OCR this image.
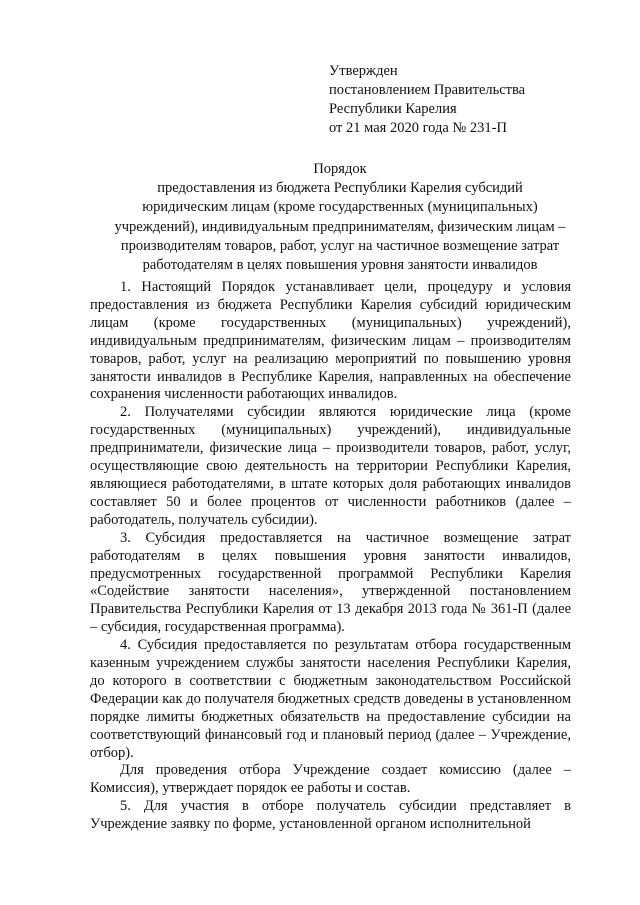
Утвержден
постановлением Правительства
Республики Карелия
от 21 мая 2020 года № 231-П
Порядок
предоставления из бюджета Республики Карелия субсидий
юридическим лицам (кроме государственных (муниципальных)
учреждений), индивидуальным предпринимателям, физическим лицам –
производителям товаров, работ, услуг на частичное возмещение затрат
работодателям в целях повышения уровня занятости инвалидов

1. Настоящий Порядок устанавливает цели, процедуру и условия предоставления из бюджета Республики Карелия субсидий юридическим лицам (кроме государственных (муниципальных) учреждений), индивидуальным предпринимателям, физическим лицам – производителям товаров, работ, услуг на реализацию мероприятий по повышению уровня занятости инвалидов в Республике Карелия, направленных на обеспечение сохранения численности работающих инвалидов.

2. Получателями субсидии являются юридические лица (кроме государственных (муниципальных) учреждений), индивидуальные предприниматели, физические лица – производители товаров, работ, услуг, осуществляющие свою деятельность на территории Республики Карелия, являющиеся работодателями, в штате которых доля работающих инвалидов составляет 50 и более процентов от численности работников (далее – работодатель, получатель субсидии).

3. Субсидия предоставляется на частичное возмещение затрат работодателям в целях повышения уровня занятости инвалидов, предусмотренных государственной программой Республики Карелия «Содействие занятости населения», утвержденной постановлением Правительства Республики Карелия от 13 декабря 2013 года № 361-П (далее – субсидия, государственная программа).

4. Субсидия предоставляется по результатам отбора государственным казенным учреждением службы занятости населения Республики Карелия, до которого в соответствии с бюджетным законодательством Российской Федерации как до получателя бюджетных средств доведены в установленном порядке лимиты бюджетных обязательств на предоставление субсидии на соответствующий финансовый год и плановый период (далее – Учреждение, отбор).

Для проведения отбора Учреждение создает комиссию (далее – Комиссия), утверждает порядок ее работы и состав.

5. Для участия в отборе получатель субсидии представляет в Учреждение заявку по форме, установленной органом исполнительной
